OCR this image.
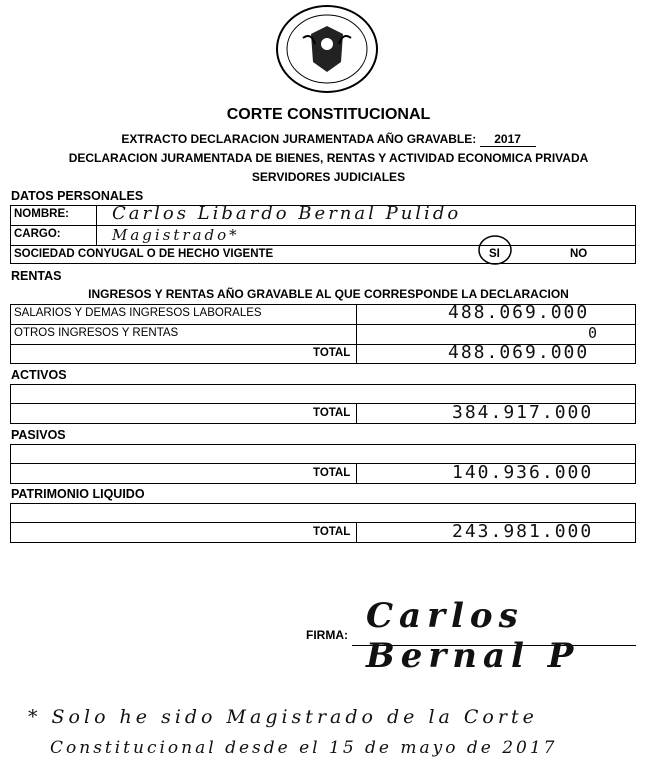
CORTE CONSTITUCIONAL
EXTRACTO DECLARACION JURAMENTADA AÑO GRAVABLE: 2017
DECLARACION JURAMENTADA DE BIENES, RENTAS Y ACTIVIDAD ECONOMICA PRIVADA
SERVIDORES JUDICIALES
DATOS PERSONALES
NOMBRE: Carlos Libardo Bernal Pulido
CARGO:	Magistrado*
SOCIEDAD CONYUGAL O DE HECHO VIGENTE	SI	NO
RENTAS
INGRESOS Y RENTAS AÑO GRAVABLE AL QUE CORRESPONDE LA DECLARACION
SALARIOS Y DEMAS INGRESOS LABORALES	488.069.000
OTROS INGRESOS Y RENTAS	0
TOTAL	488.069.000
ACTIVOS
TOTAL	384.917.000
PASIVOS
TOTAL	140.936.000
PATRIMONIO LIQUIDO
TOTAL	243.981.000
FIRMA: Carlos Bernal P
* Solo he sido Magistrado de la Corte
Constitucional desde el 15 de mayo de 2017
